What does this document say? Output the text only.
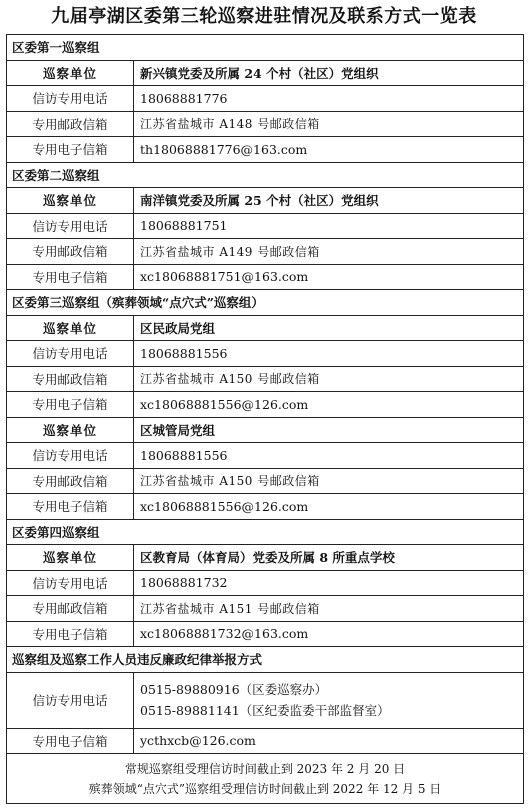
九届亭湖区委第三轮巡察进驻情况及联系方式一览表
区委第一巡察组	
巡察单位	新兴镇党委及所属 24 个村（社区）党组织
信访专用电话	18068881776
专用邮政信箱	江苏省盐城市 A148 号邮政信箱
专用电子信箱	th18068881776@163.com
区委第二巡察组	
巡察单位	南洋镇党委及所属 25 个村（社区）党组织
信访专用电话	18068881751
专用邮政信箱	江苏省盐城市 A149 号邮政信箱
专用电子信箱	xc18068881751@163.com
区委第三巡察组（殡葬领域“点穴式”巡察组）	
巡察单位	区民政局党组
信访专用电话	18068881556
专用邮政信箱	江苏省盐城市 A150 号邮政信箱
专用电子信箱	xc18068881556@126.com
巡察单位	区城管局党组
信访专用电话	18068881556
专用邮政信箱	江苏省盐城市 A150 号邮政信箱
专用电子信箱	xc18068881556@126.com
区委第四巡察组	
巡察单位	区教育局（体育局）党委及所属 8 所重点学校
信访专用电话	18068881732
专用邮政信箱	江苏省盐城市 A151 号邮政信箱
专用电子信箱	xc18068881732@163.com
巡察组及巡察工作人员违反廉政纪律举报方式	
信访专用电话	0515-89880916（区委巡察办）
0515-89881141（区纪委监委干部监督室）

专用电子信箱	ycthxcb@126.com

常规巡察组受理信访时间截止到 2023 年 2 月 20 日
殡葬领域“点穴式”巡察组受理信访时间截止到 2022 年 12 月 5 日	
